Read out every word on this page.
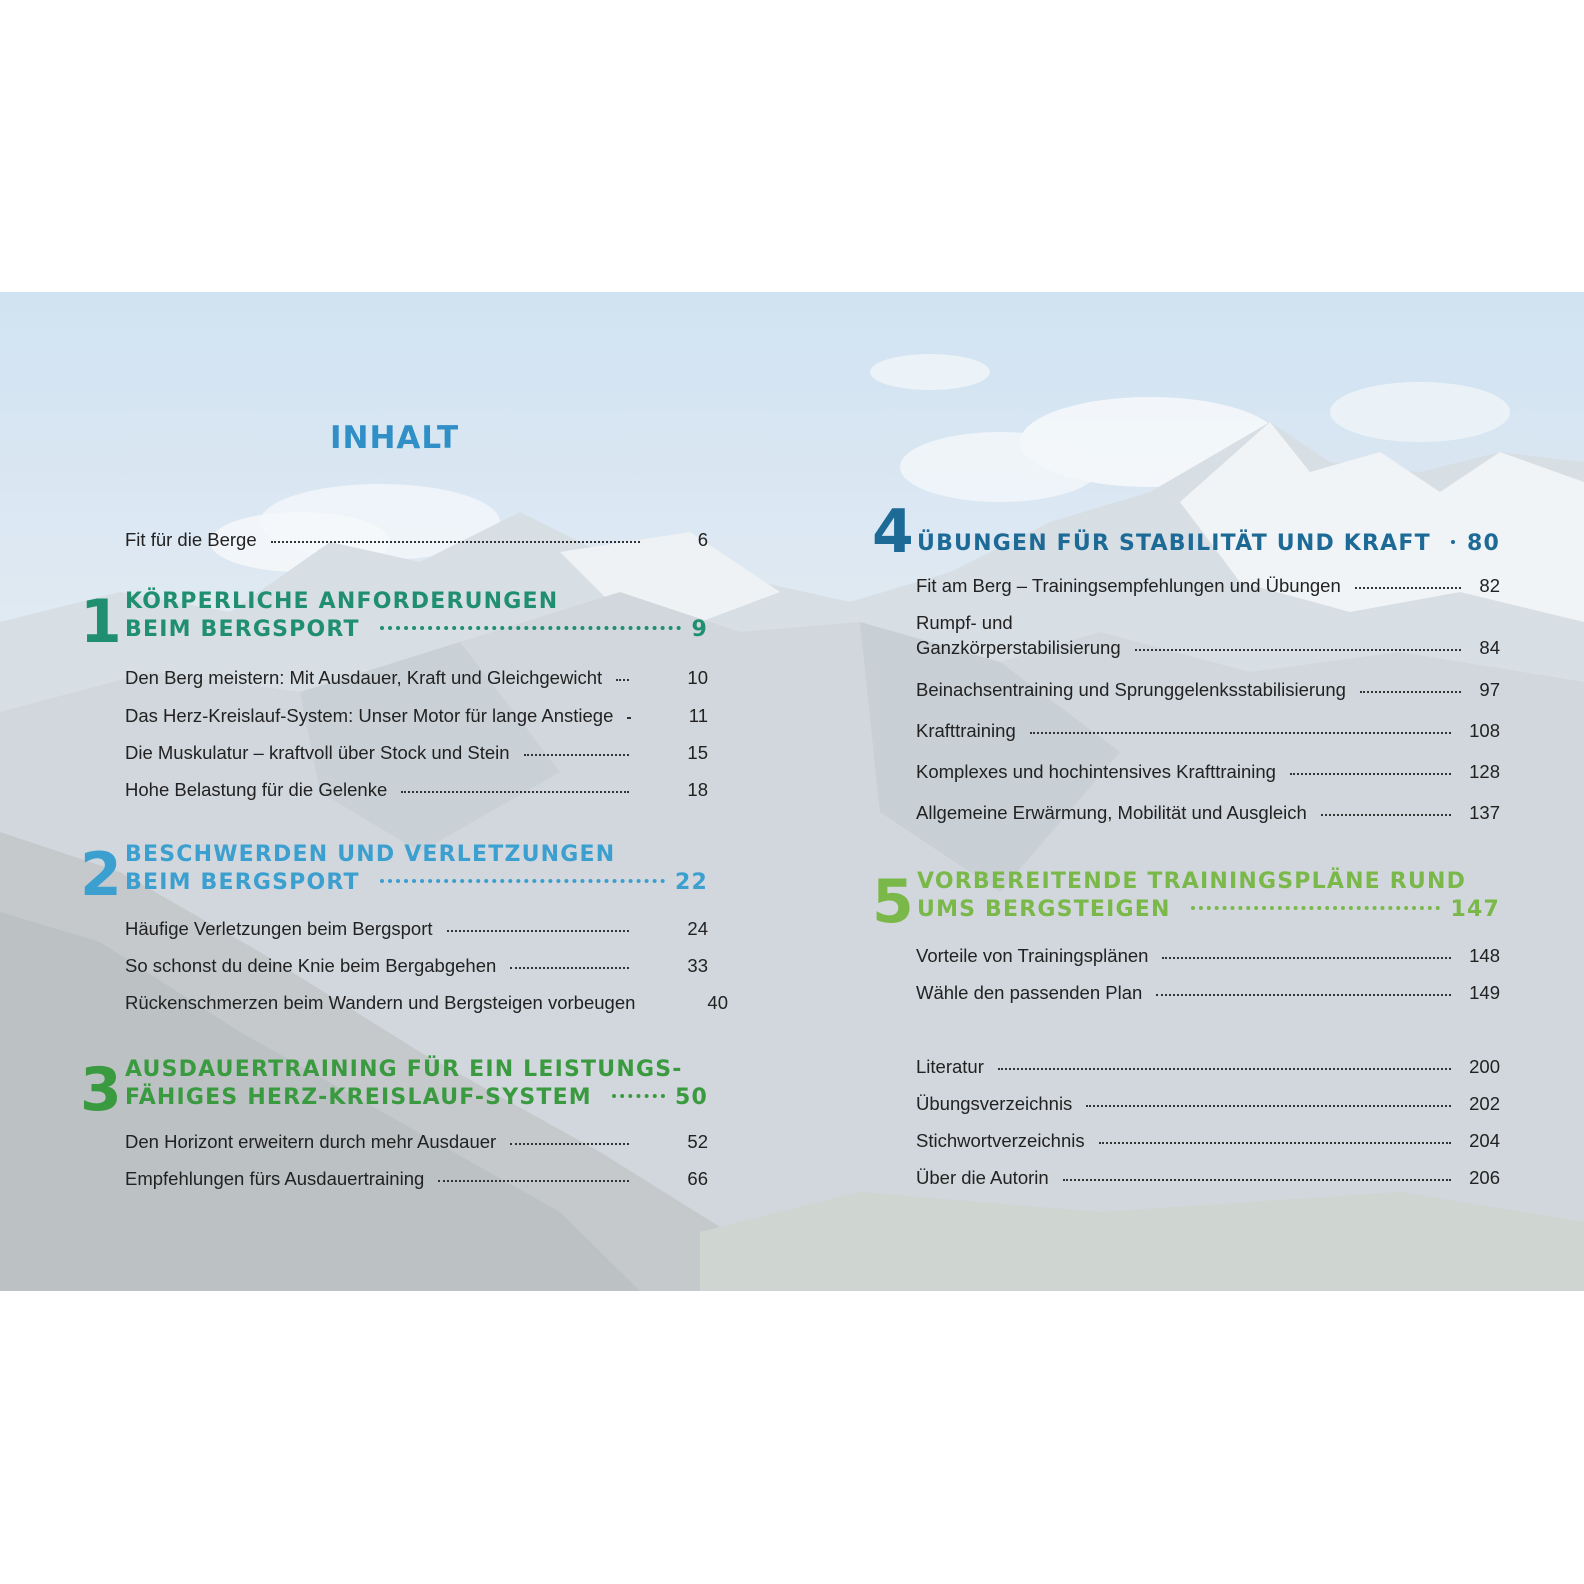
INHALT
Fit für die Berge	6
1 KÖRPERLICHE ANFORDERUNGEN
BEIM BERGSPORT	9
Den Berg meistern: Mit Ausdauer, Kraft und Gleichgewicht	10
Das Herz-Kreislauf-System: Unser Motor für lange Anstiege	11
Die Muskulatur – kraftvoll über Stock und Stein	15
Hohe Belastung für die Gelenke	18
2 BESCHWERDEN UND VERLETZUNGEN
BEIM BERGSPORT	22
Häufige Verletzungen beim Bergsport	24
So schonst du deine Knie beim Bergabgehen	33
Rückenschmerzen beim Wandern und Bergsteigen vorbeugen	40
3 AUSDAUERTRAINING FÜR EIN LEISTUNGS-
FÄHIGES HERZ-KREISLAUF-SYSTEM	50
Den Horizont erweitern durch mehr Ausdauer	52
Empfehlungen fürs Ausdauertraining	66
4 ÜBUNGEN FÜR STABILITÄT UND KRAFT 80
Fit am Berg – Trainingsempfehlungen und Übungen	82
Rumpf- und
Ganzkörperstabilisierung	84
Beinachsentraining und Sprunggelenksstabilisierung	97
Krafttraining	108
Komplexes und hochintensives Krafttraining	128
Allgemeine Erwärmung, Mobilität und Ausgleich	137
5 VORBEREITENDE TRAININGSPLÄNE RUND
UMS BERGSTEIGEN	147
Vorteile von Trainingsplänen	148
Wähle den passenden Plan	149
Literatur	200
Übungsverzeichnis	202
Stichwortverzeichnis	204
Über die Autorin	206
